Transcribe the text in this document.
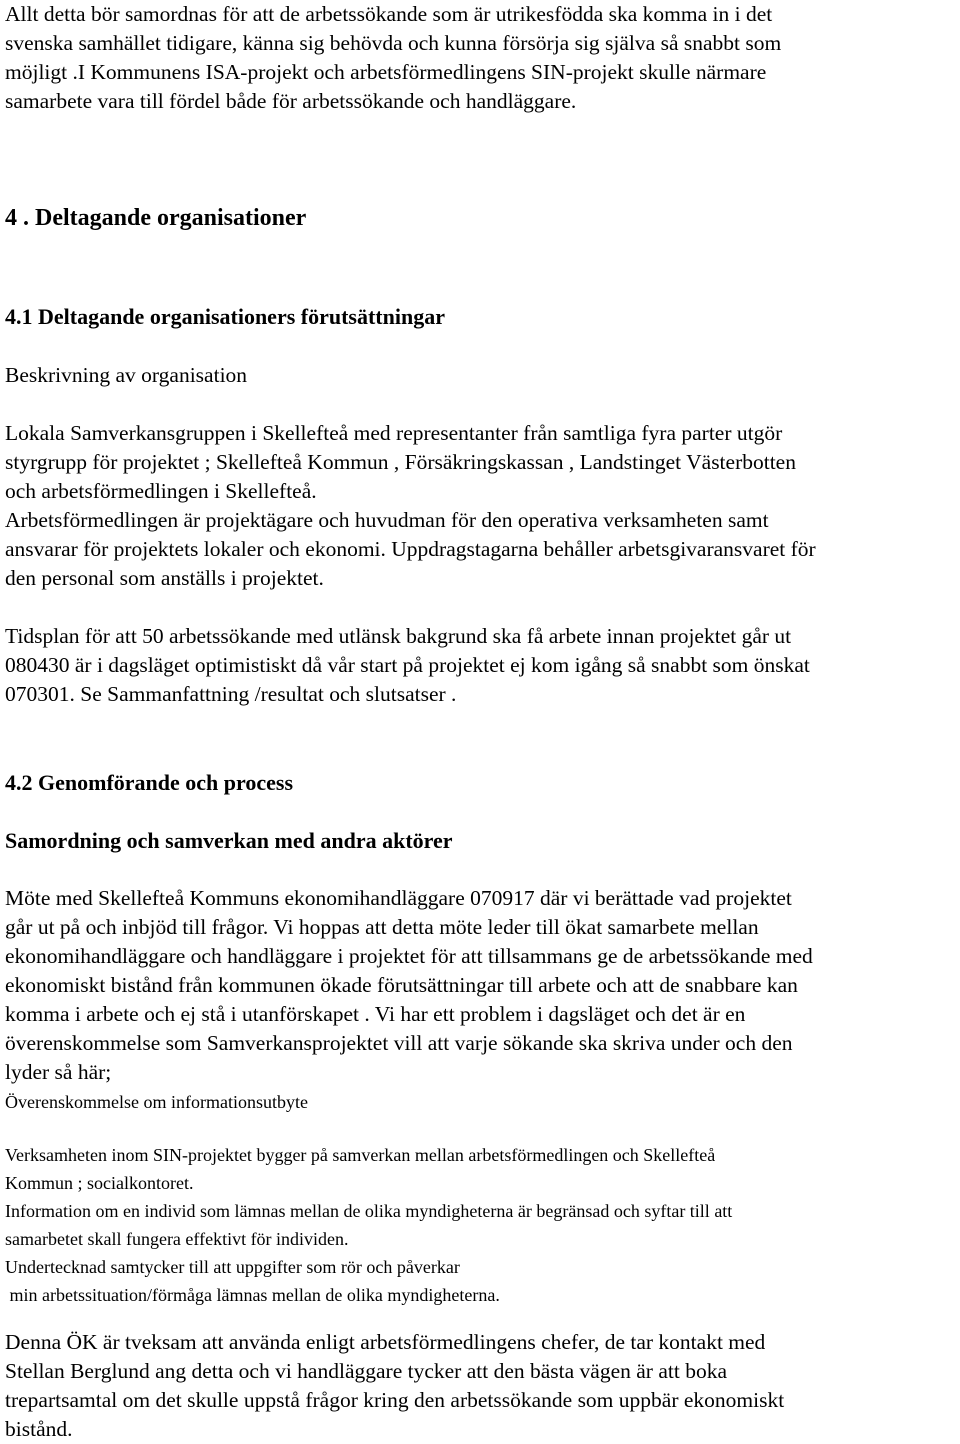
Allt detta bör samordnas för att de arbetssökande som är utrikesfödda ska komma in i det
svenska samhället tidigare, känna sig behövda och kunna försörja sig själva så snabbt som
möjligt .I Kommunens ISA-projekt och arbetsförmedlingens SIN-projekt skulle närmare
samarbete vara till fördel både för arbetssökande och handläggare.
4 . Deltagande organisationer
4.1 Deltagande organisationers förutsättningar
Beskrivning av organisation
Lokala Samverkansgruppen i Skellefteå med representanter från samtliga fyra parter utgör
styrgrupp för projektet ; Skellefteå Kommun , Försäkringskassan , Landstinget Västerbotten
och arbetsförmedlingen i Skellefteå.
Arbetsförmedlingen är projektägare och huvudman för den operativa verksamheten samt
ansvarar för projektets lokaler och ekonomi. Uppdragstagarna behåller arbetsgivaransvaret för
den personal som anställs i projektet.
Tidsplan för att 50 arbetssökande med utlänsk bakgrund ska få arbete innan projektet går ut
080430 är i dagsläget optimistiskt då vår start på projektet ej kom igång så snabbt som önskat
070301. Se Sammanfattning /resultat och slutsatser .
4.2 Genomförande och process
Samordning och samverkan med andra aktörer
Möte med Skellefteå Kommuns ekonomihandläggare 070917 där vi berättade vad projektet
går ut på och inbjöd till frågor. Vi hoppas att detta möte leder till ökat samarbete mellan
ekonomihandläggare och handläggare i projektet för att tillsammans ge de arbetssökande med
ekonomiskt bistånd från kommunen ökade förutsättningar till arbete och att de snabbare kan
komma i arbete och ej stå i utanförskapet . Vi har ett problem i dagsläget och det är en
överenskommelse som Samverkansprojektet vill att varje sökande ska skriva under och den
lyder så här;
Överenskommelse om informationsutbyte
Verksamheten inom SIN-projektet bygger på samverkan mellan arbetsförmedlingen och Skellefteå
Kommun ; socialkontoret.
Information om en individ som lämnas mellan de olika myndigheterna är begränsad och syftar till att
samarbetet skall fungera effektivt för individen.
Undertecknad samtycker till att uppgifter som rör och påverkar
min arbetssituation/förmåga lämnas mellan de olika myndigheterna.
Denna ÖK är tveksam att använda enligt arbetsförmedlingens chefer, de tar kontakt med
Stellan Berglund ang detta och vi handläggare tycker att den bästa vägen är att boka
trepartsamtal om det skulle uppstå frågor kring den arbetssökande som uppbär ekonomiskt
bistånd.
